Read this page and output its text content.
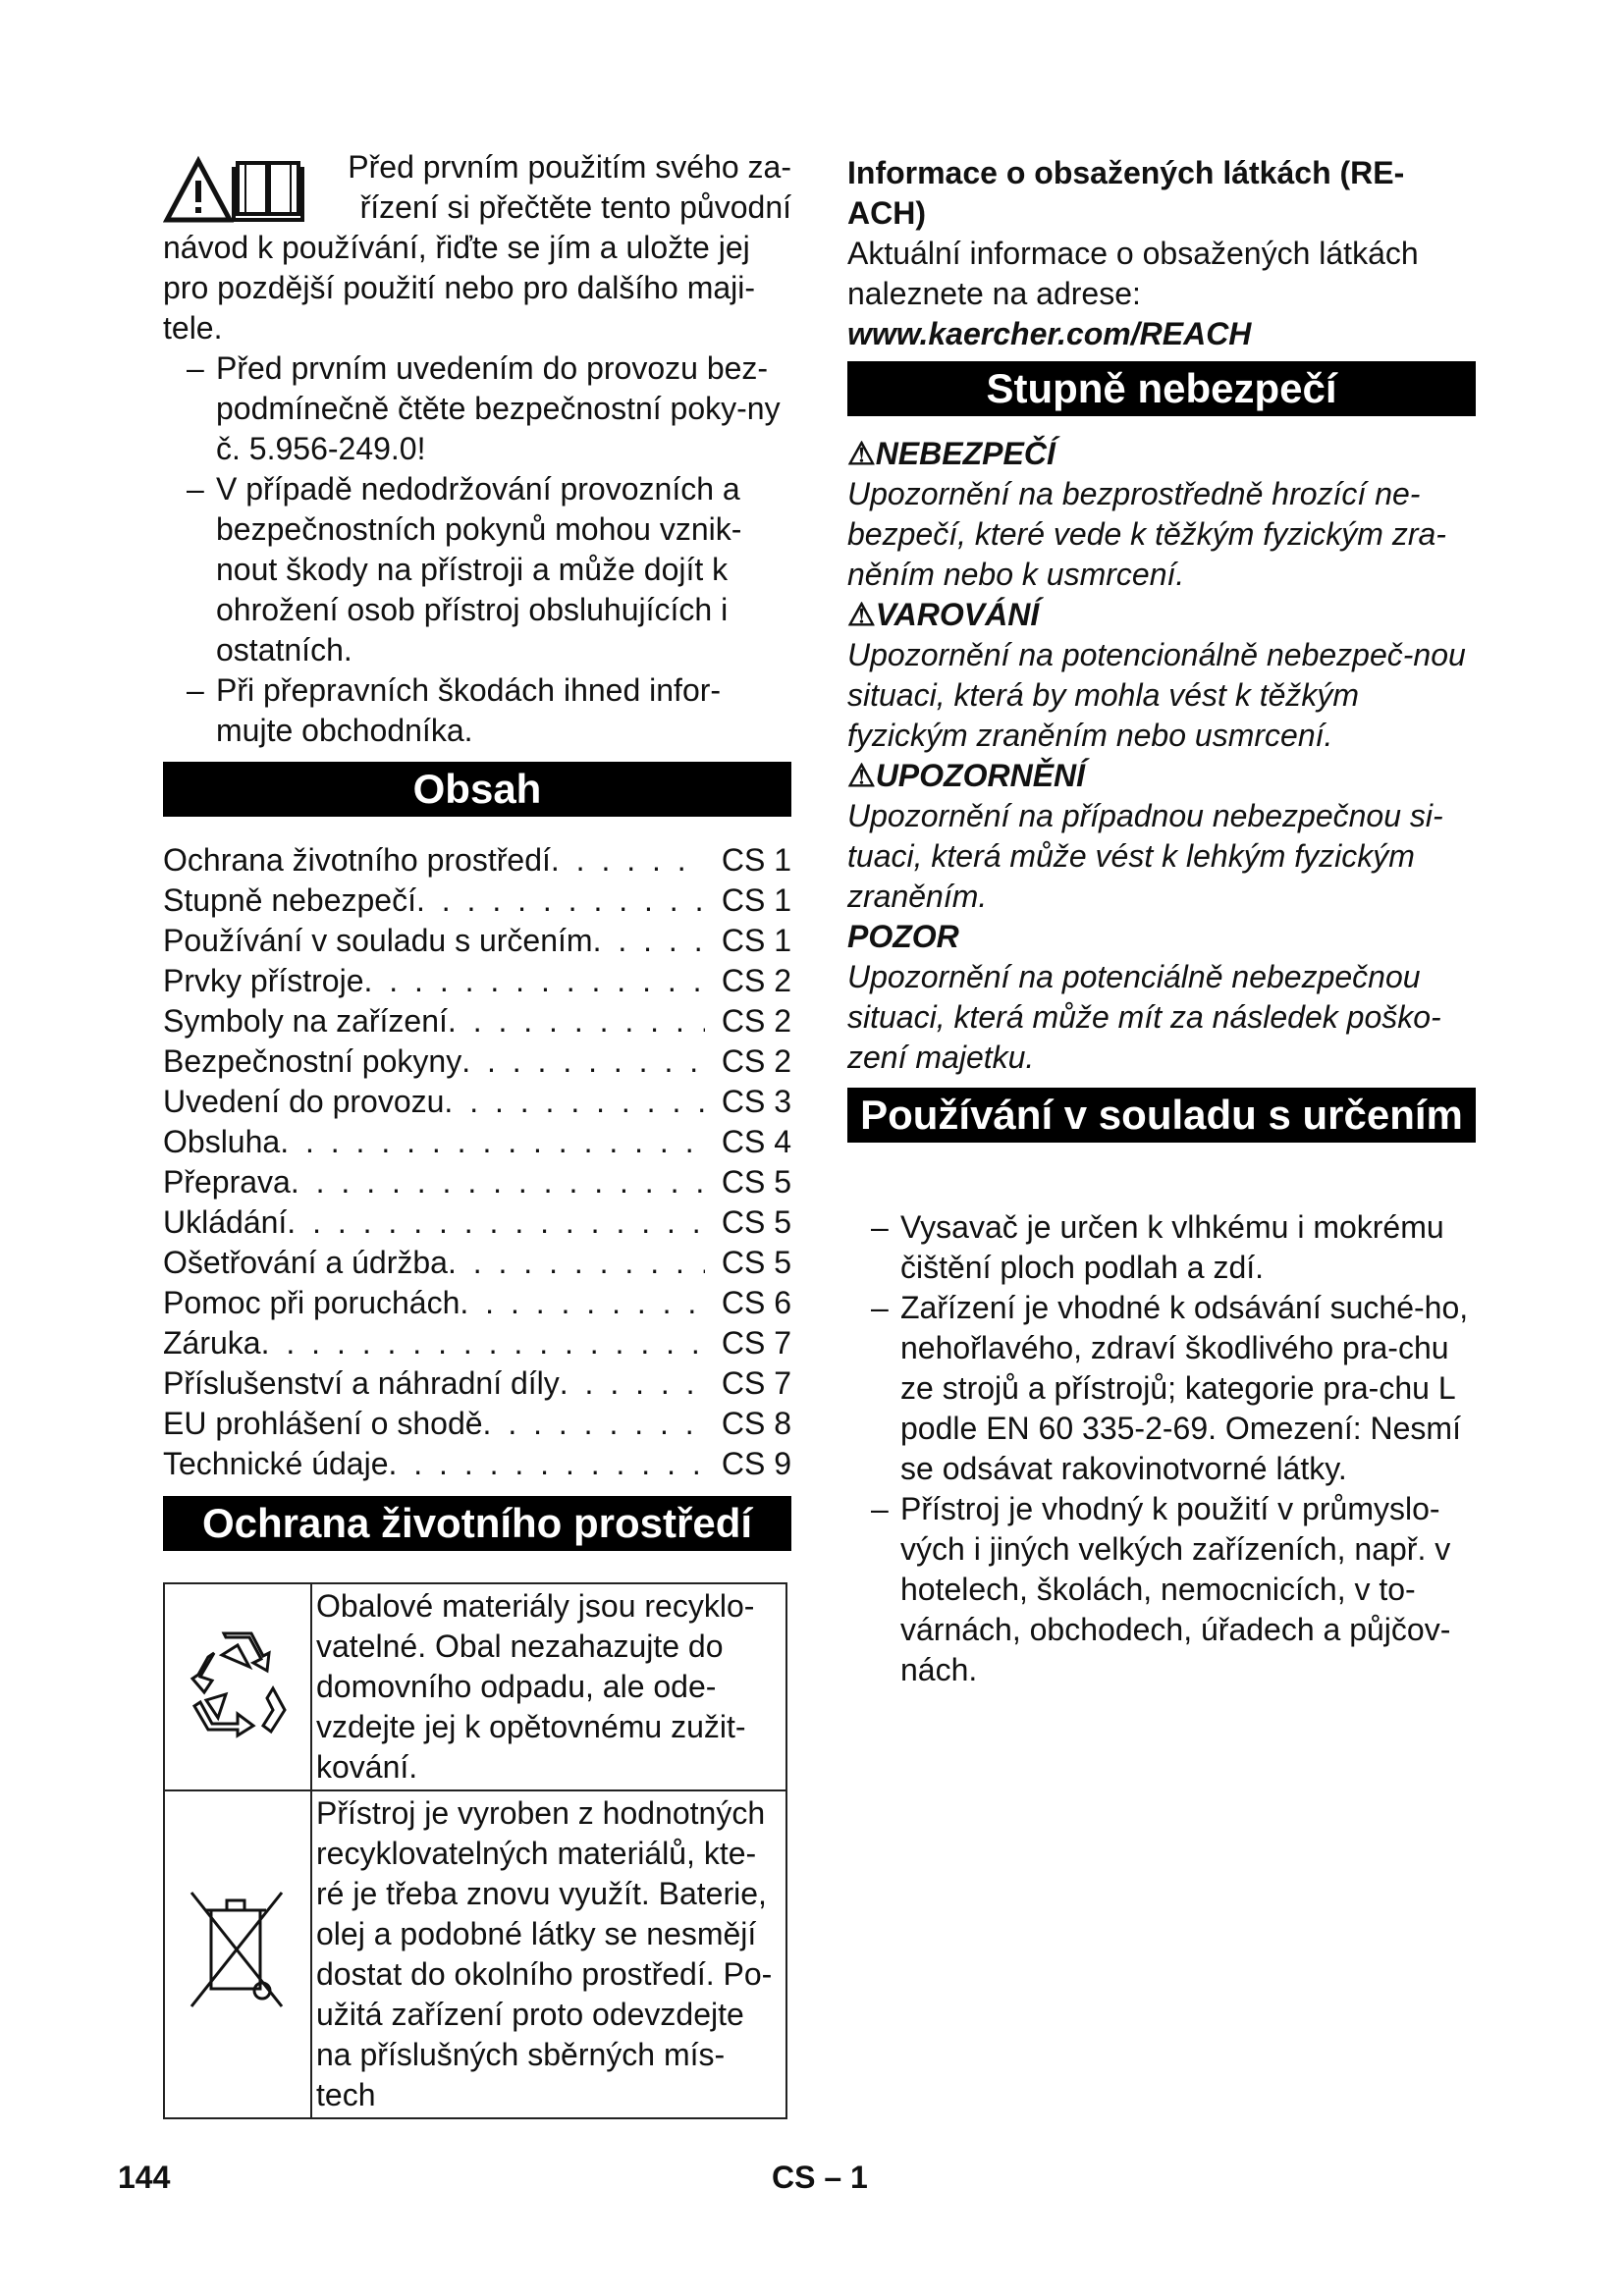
Před prvním použitím svého za-

řízení si přečtěte tento původní

návod k používání, řiďte se jím a uložte jej pro pozdější použití nebo pro dalšího maji-tele.

– Před prvním uvedením do provozu bez-podmínečně čtěte bezpečnostní poky-ny č. 5.956-249.0!
– V případě nedodržování provozních a bezpečnostních pokynů mohou vznik-nout škody na přístroji a může dojít k ohrožení osob přístroj obsluhujících i ostatních.
– Při přepravních škodách ihned infor-mujte obchodníka.
Obsah
Ochrana životního prostředí . . .	CS 1
Stupně nebezpečí . . .	CS 1
Používání v souladu s určením . . .	CS 1
Prvky přístroje . . .	CS 2
Symboly na zařízení . . .	CS 2
Bezpečnostní pokyny . . .	CS 2
Uvedení do provozu . . .	CS 3
Obsluha . . .	CS 4
Přeprava . . .	CS 5
Ukládání . . .	CS 5
Ošetřování a údržba . . .	CS 5
Pomoc při poruchách . . .	CS 6
Záruka . . .	CS 7
Příslušenství a náhradní díly . . .	CS 7
EU prohlášení o shodě . . .	CS 8
Technické údaje . . .	CS 9
Ochrana životního prostředí
	Obalové materiály jsou recyklo-vatelné. Obal nezahazujte do domovního odpadu, ale ode-vzdejte jej k opětovnému zužit-kování.
	Přístroj je vyroben z hodnotných recyklovatelných materiálů, kte-ré je třeba znovu využít. Baterie, olej a podobné látky se nesmějí dostat do okolního prostředí. Po-užitá zařízení proto odevzdejte na příslušných sběrných mís-tech

Informace o obsažených látkách (RE-ACH)

Aktuální informace o obsažených látkách naleznete na adrese:

www.kaercher.com/REACH

Stupně nebezpečí
⚠NEBEZPEČÍ

Upozornění na bezprostředně hrozící ne-bezpečí, které vede k těžkým fyzickým zra-něním nebo k usmrcení.

⚠VAROVÁNÍ

Upozornění na potencionálně nebezpeč-nou situaci, která by mohla vést k těžkým fyzickým zraněním nebo usmrcení.

⚠UPOZORNĚNÍ

Upozornění na případnou nebezpečnou si-tuaci, která může vést k lehkým fyzickým zraněním.

POZOR

Upozornění na potenciálně nebezpečnou situaci, která může mít za následek poško-zení majetku.

Používání v souladu s určením
– Vysavač je určen k vlhkému i mokrému čištění ploch podlah a zdí.
– Zařízení je vhodné k odsávání suché-ho, nehořlavého, zdraví škodlivého pra-chu ze strojů a přístrojů; kategorie pra-chu L podle EN 60 335-2-69. Omezení: Nesmí se odsávat rakovinotvorné látky.
– Přístroj je vhodný k použití v průmyslo-vých i jiných velkých zařízeních, např. v hotelech, školách, nemocnicích, v to-várnách, obchodech, úřadech a půjčov-nách.
144	CS – 1
